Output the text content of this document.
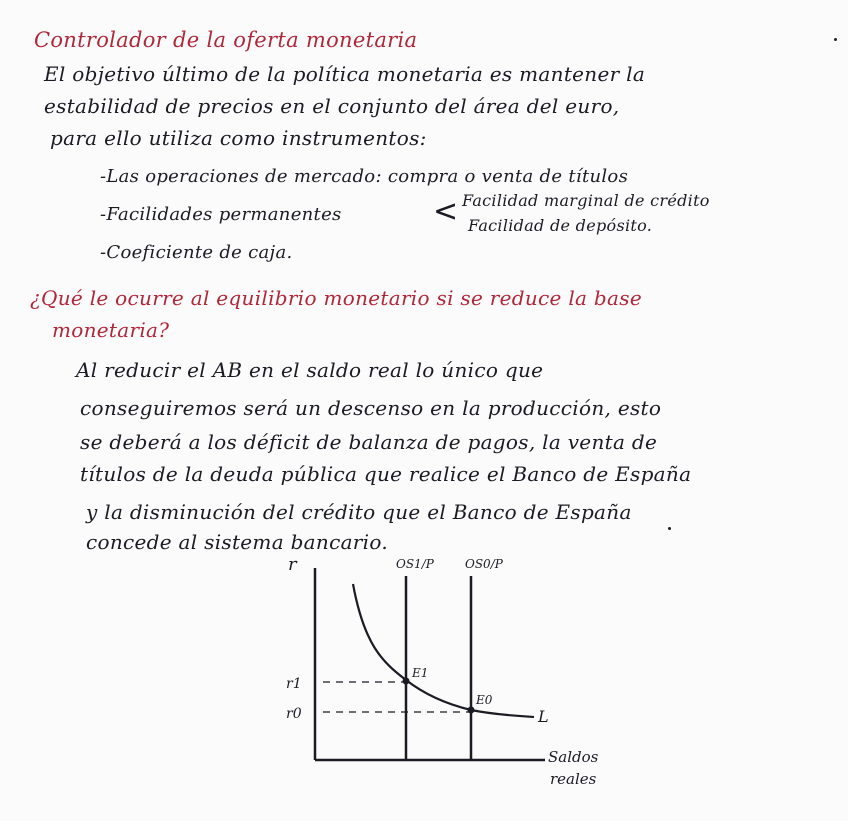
Controlador de la oferta monetaria
El objetivo último de la política monetaria es mantener la
estabilidad de precios en el conjunto del área del euro,
para ello utiliza como instrumentos:
-Las operaciones de mercado: compra o venta de títulos
-Facilidades permanentes	< Facilidad marginal de crédito
Facilidad de depósito.
-Coeficiente de caja.
¿Qué le ocurre al equilibrio monetario si se reduce la base
monetaria?
Al reducir el AB en el saldo real lo único que
conseguiremos será un descenso en la producción, esto
se deberá a los déficit de balanza de pagos, la venta de
títulos de la deuda pública que realice el Banco de España
y la disminución del crédito que el Banco de España
concede al sistema bancario.
r	OS1/P	OS0/P
r1
r0
E1
E0
L
Saldos
reales
